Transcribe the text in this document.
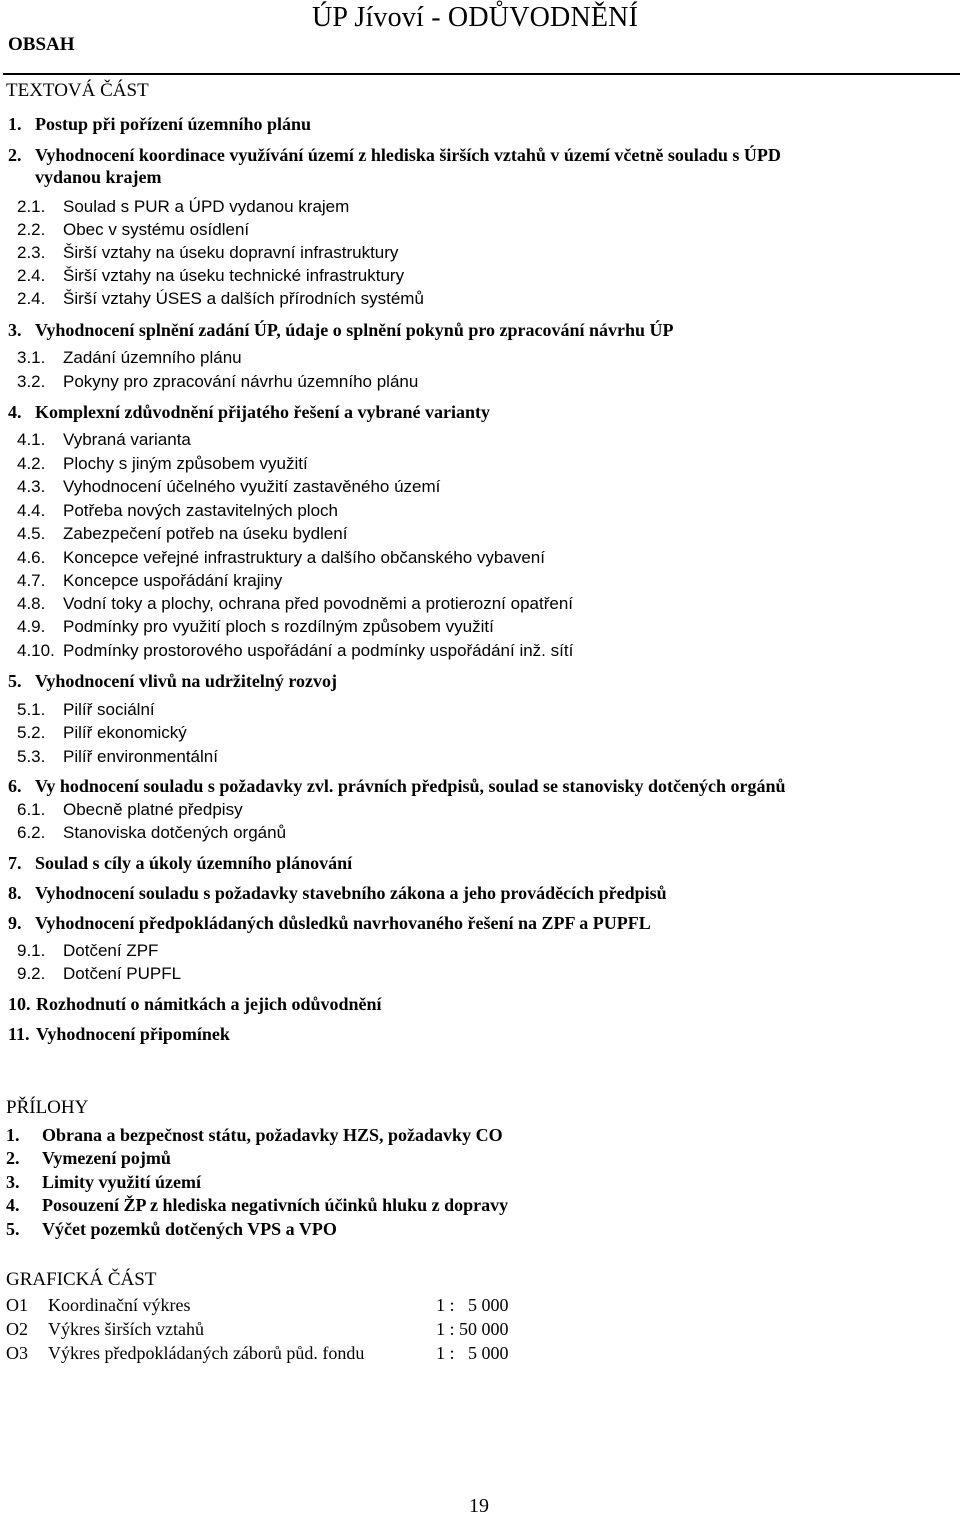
OBSAH
ÚP Jívoví - ODŮVODNĚNÍ
TEXTOVÁ ČÁST
1. Postup při pořízení územního plánu
2. Vyhodnocení koordinace využívání území z hlediska širších vztahů v území včetně souladu s ÚPD
vydanou krajem
2.1. Soulad s PUR a ÚPD vydanou krajem
2.2. Obec v systému osídlení
2.3. Širší vztahy na úseku dopravní infrastruktury
2.4. Širší vztahy na úseku technické infrastruktury
2.4. Širší vztahy ÚSES a dalších přírodních systémů
3. Vyhodnocení splnění zadání ÚP, údaje o splnění pokynů pro zpracování návrhu ÚP
3.1. Zadání územního plánu
3.2. Pokyny pro zpracování návrhu územního plánu
4. Komplexní zdůvodnění přijatého řešení a vybrané varianty
4.1. Vybraná varianta
4.2. Plochy s jiným způsobem využití
4.3. Vyhodnocení účelného využití zastavěného území
4.4. Potřeba nových zastavitelných ploch
4.5. Zabezpečení potřeb na úseku bydlení
4.6. Koncepce veřejné infrastruktury a dalšího občanského vybavení
4.7. Koncepce uspořádání krajiny
4.8. Vodní toky a plochy, ochrana před povodněmi a protierozní opatření
4.9. Podmínky pro využití ploch s rozdílným způsobem využití
4.10. Podmínky prostorového uspořádání a podmínky uspořádání inž. sítí
5. Vyhodnocení vlivů na udržitelný rozvoj
5.1. Pilíř sociální
5.2. Pilíř ekonomický
5.3. Pilíř environmentální
6. Vy hodnocení souladu s požadavky zvl. právních předpisů, soulad se stanovisky dotčených orgánů
6.1. Obecně platné předpisy
6.2. Stanoviska dotčených orgánů
7. Soulad s cíly a úkoly územního plánování
8. Vyhodnocení souladu s požadavky stavebního zákona a jeho prováděcích předpisů
9. Vyhodnocení předpokládaných důsledků navrhovaného řešení na ZPF a PUPFL
9.1. Dotčení ZPF
9.2. Dotčení PUPFL
10. Rozhodnutí o námitkách a jejich odůvodnění
11. Vyhodnocení připomínek
PŘÍLOHY
1. Obrana a bezpečnost státu, požadavky HZS, požadavky CO
2. Vymezení pojmů
3. Limity využití území
4. Posouzení ŽP z hlediska negativních účinků hluku z dopravy
5. Výčet pozemků dotčených VPS a VPO
GRAFICKÁ ČÁST
O1 Koordinační výkres	1 :   5 000
O2 Výkres širších vztahů	1 : 50 000
O3 Výkres předpokládaných záborů půd. fondu	1 :   5 000
19
